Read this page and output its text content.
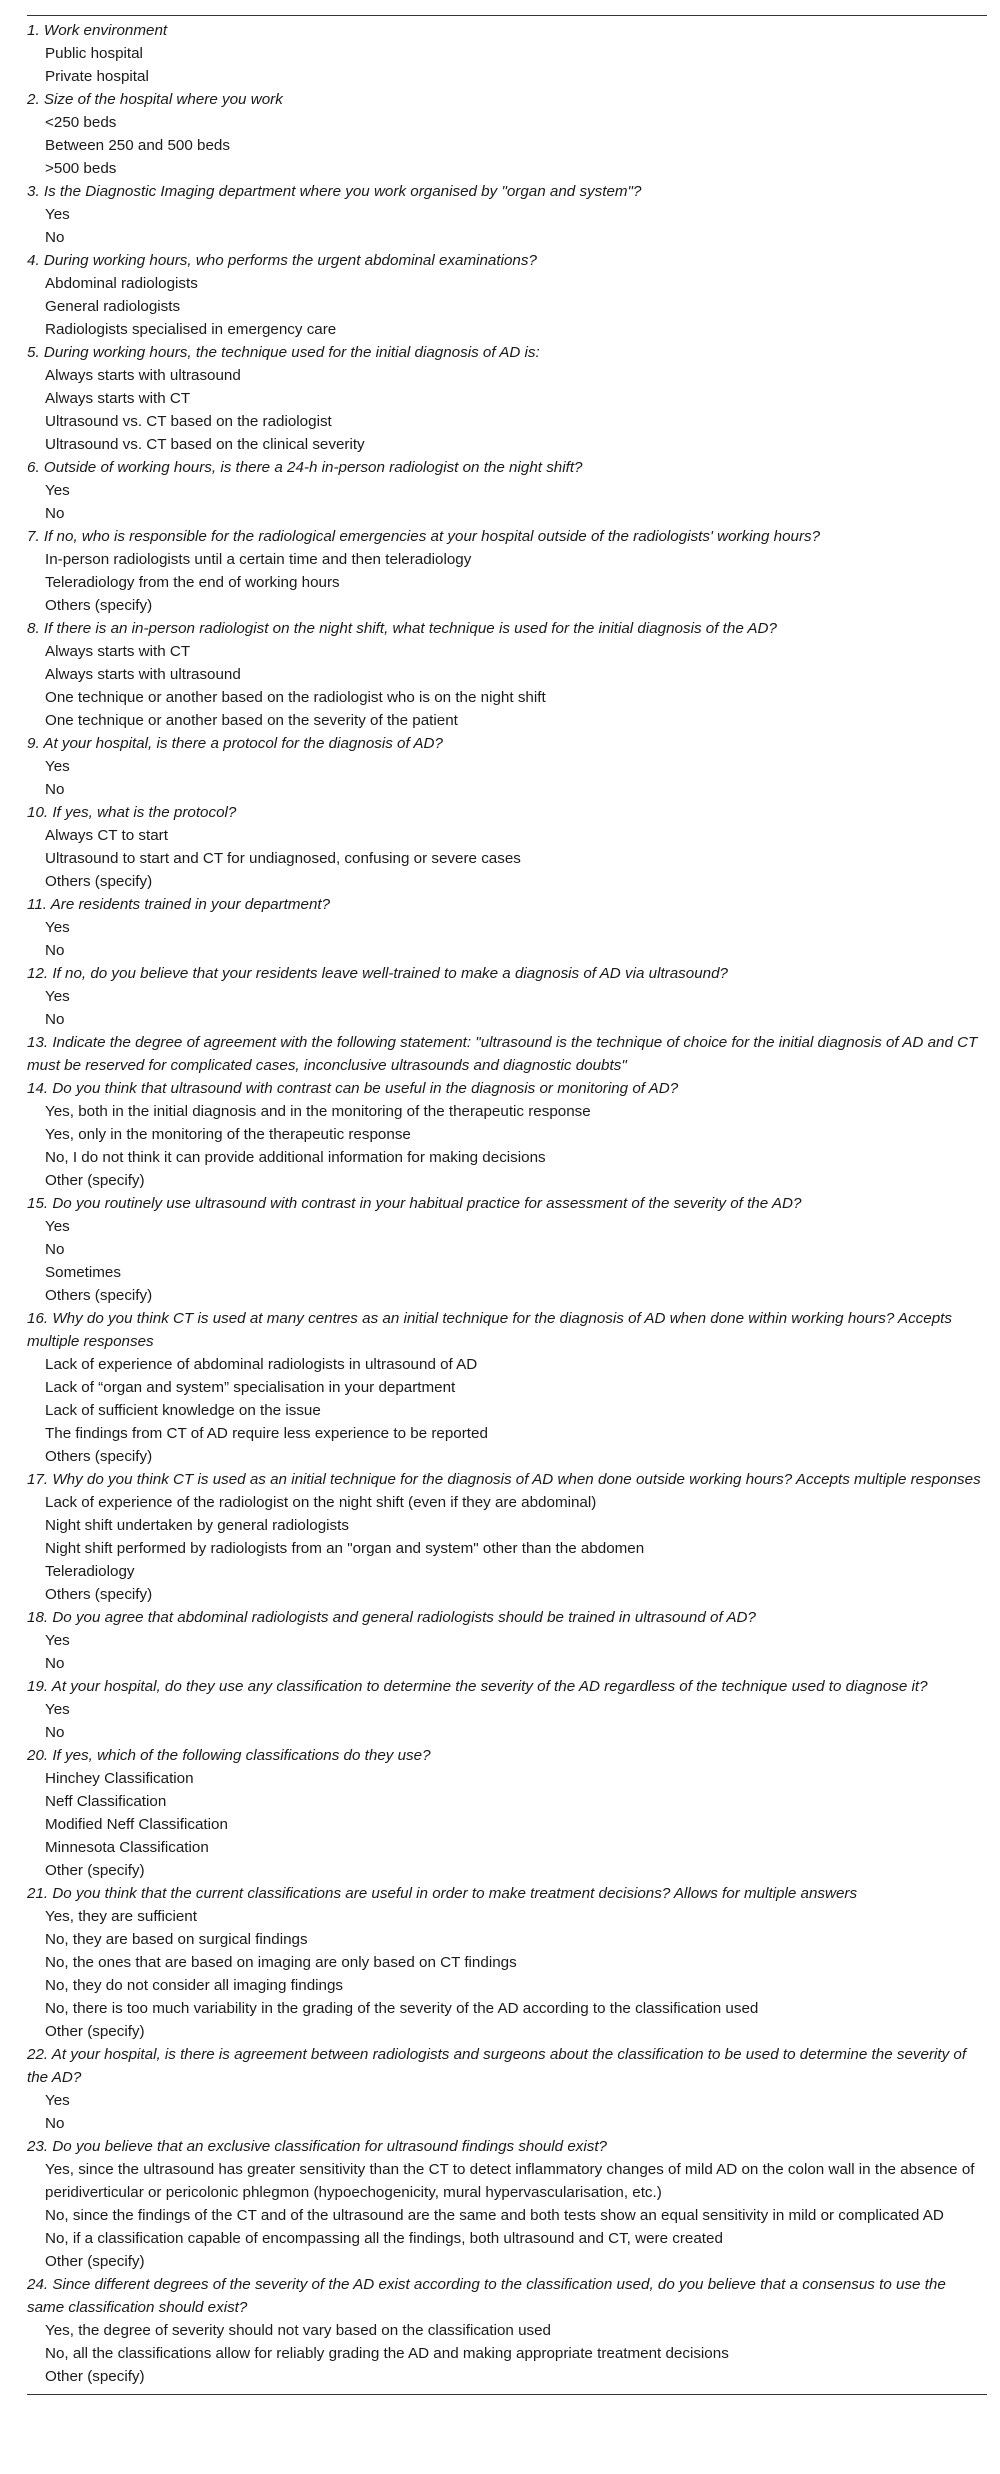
1. Work environment
Public hospital
Private hospital
2. Size of the hospital where you work
<250 beds
Between 250 and 500 beds
>500 beds
3. Is the Diagnostic Imaging department where you work organised by "organ and system"?
Yes
No
4. During working hours, who performs the urgent abdominal examinations?
Abdominal radiologists
General radiologists
Radiologists specialised in emergency care
5. During working hours, the technique used for the initial diagnosis of AD is:
Always starts with ultrasound
Always starts with CT
Ultrasound vs. CT based on the radiologist
Ultrasound vs. CT based on the clinical severity
6. Outside of working hours, is there a 24-h in-person radiologist on the night shift?
Yes
No
7. If no, who is responsible for the radiological emergencies at your hospital outside of the radiologists' working hours?
In-person radiologists until a certain time and then teleradiology
Teleradiology from the end of working hours
Others (specify)
8. If there is an in-person radiologist on the night shift, what technique is used for the initial diagnosis of the AD?
Always starts with CT
Always starts with ultrasound
One technique or another based on the radiologist who is on the night shift
One technique or another based on the severity of the patient
9. At your hospital, is there a protocol for the diagnosis of AD?
Yes
No
10. If yes, what is the protocol?
Always CT to start
Ultrasound to start and CT for undiagnosed, confusing or severe cases
Others (specify)
11. Are residents trained in your department?
Yes
No
12. If no, do you believe that your residents leave well-trained to make a diagnosis of AD via ultrasound?
Yes
No
13. Indicate the degree of agreement with the following statement: "ultrasound is the technique of choice for the initial diagnosis of AD and CT must be reserved for complicated cases, inconclusive ultrasounds and diagnostic doubts"
14. Do you think that ultrasound with contrast can be useful in the diagnosis or monitoring of AD?
Yes, both in the initial diagnosis and in the monitoring of the therapeutic response
Yes, only in the monitoring of the therapeutic response
No, I do not think it can provide additional information for making decisions
Other (specify)
15. Do you routinely use ultrasound with contrast in your habitual practice for assessment of the severity of the AD?
Yes
No
Sometimes
Others (specify)
16. Why do you think CT is used at many centres as an initial technique for the diagnosis of AD when done within working hours? Accepts multiple responses
Lack of experience of abdominal radiologists in ultrasound of AD
Lack of “organ and system” specialisation in your department
Lack of sufficient knowledge on the issue
The findings from CT of AD require less experience to be reported
Others (specify)
17. Why do you think CT is used as an initial technique for the diagnosis of AD when done outside working hours? Accepts multiple responses
Lack of experience of the radiologist on the night shift (even if they are abdominal)
Night shift undertaken by general radiologists
Night shift performed by radiologists from an "organ and system" other than the abdomen
Teleradiology
Others (specify)
18. Do you agree that abdominal radiologists and general radiologists should be trained in ultrasound of AD?
Yes
No
19. At your hospital, do they use any classification to determine the severity of the AD regardless of the technique used to diagnose it?
Yes
No
20. If yes, which of the following classifications do they use?
Hinchey Classification
Neff Classification
Modified Neff Classification
Minnesota Classification
Other (specify)
21. Do you think that the current classifications are useful in order to make treatment decisions? Allows for multiple answers
Yes, they are sufficient
No, they are based on surgical findings
No, the ones that are based on imaging are only based on CT findings
No, they do not consider all imaging findings
No, there is too much variability in the grading of the severity of the AD according to the classification used
Other (specify)
22. At your hospital, is there is agreement between radiologists and surgeons about the classification to be used to determine the severity of the AD?
Yes
No
23. Do you believe that an exclusive classification for ultrasound findings should exist?
Yes, since the ultrasound has greater sensitivity than the CT to detect inflammatory changes of mild AD on the colon wall in the absence of peridiverticular or pericolonic phlegmon (hypoechogenicity, mural hypervascularisation, etc.)
No, since the findings of the CT and of the ultrasound are the same and both tests show an equal sensitivity in mild or complicated AD
No, if a classification capable of encompassing all the findings, both ultrasound and CT, were created
Other (specify)
24. Since different degrees of the severity of the AD exist according to the classification used, do you believe that a consensus to use the same classification should exist?
Yes, the degree of severity should not vary based on the classification used
No, all the classifications allow for reliably grading the AD and making appropriate treatment decisions
Other (specify)
